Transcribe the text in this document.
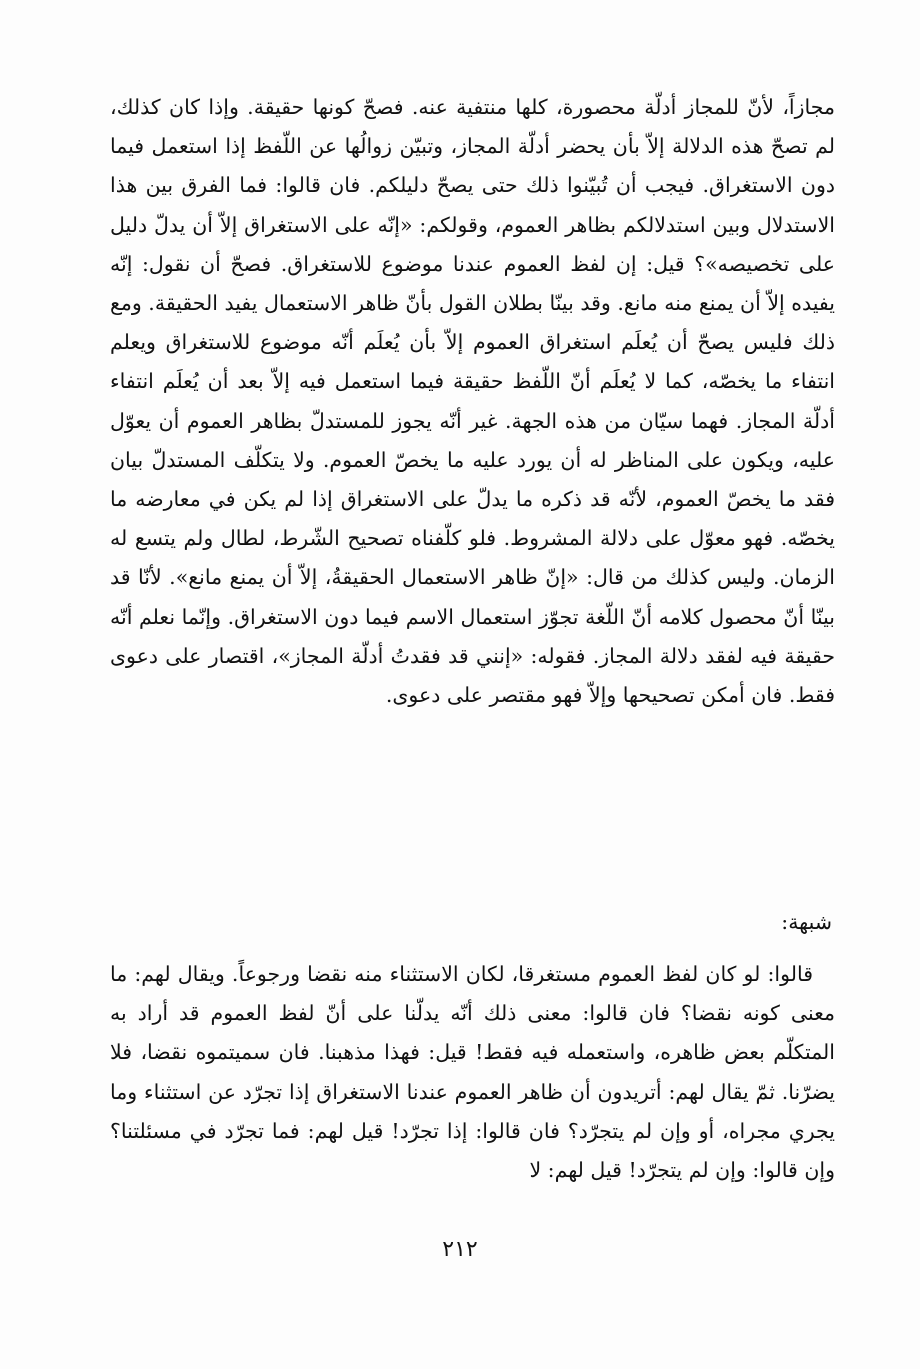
مجازاً، لأنّ للمجاز أدلّة محصورة، كلها منتفية عنه. فصحّ كونها حقيقة. وإذا كان كذلك، لم تصحّ هذه الدلالة إلاّ بأن يحضر أدلّة المجاز، وتبيّن زوالُها عن اللّفظ إذا استعمل فيما دون الاستغراق. فيجب أن تُبيّنوا ذلك حتى يصحّ دليلكم. فان قالوا: فما الفرق بين هذا الاستدلال وبين استدلالكم بظاهر العموم، وقولكم: «إنّه على الاستغراق إلاّ أن يدلّ دليل على تخصيصه»؟ قيل: إن لفظ العموم عندنا موضوع للاستغراق. فصحّ أن نقول: إنّه يفيده إلاّ أن يمنع منه مانع. وقد بينّا بطلان القول بأنّ ظاهر الاستعمال يفيد الحقيقة. ومع ذلك فليس يصحّ أن يُعلَم استغراق العموم إلاّ بأن يُعلَم أنّه موضوع للاستغراق ويعلم انتفاء ما يخصّه، كما لا يُعلَم أنّ اللّفظ حقيقة فيما استعمل فيه إلاّ بعد أن يُعلَم انتفاء أدلّة المجاز. فهما سيّان من هذه الجهة. غير أنّه يجوز للمستدلّ بظاهر العموم أن يعوّل عليه، ويكون على المناظر له أن يورد عليه ما يخصّ العموم. ولا يتكلّف المستدلّ بيان فقد ما يخصّ العموم، لأنّه قد ذكره ما يدلّ على الاستغراق إذا لم يكن في معارضه ما يخصّه. فهو معوّل على دلالة المشروط. فلو كلّفناه تصحيح الشّرط، لطال ولم يتسع له الزمان. وليس كذلك من قال: «إنّ ظاهر الاستعمال الحقيقةُ، إلاّ أن يمنع مانع». لأنّا قد بينّا أنّ محصول كلامه أنّ اللّغة تجوّز استعمال الاسم فيما دون الاستغراق. وإنّما نعلم أنّه حقيقة فيه لفقد دلالة المجاز. فقوله: «إنني قد فقدتُ أدلّة المجاز»، اقتصار على دعوى فقط. فان أمكن تصحيحها وإلاّ فهو مقتصر على دعوى.

شبهة:

قالوا: لو كان لفظ العموم مستغرقا، لكان الاستثناء منه نقضا ورجوعاً. ويقال لهم: ما معنى كونه نقضا؟ فان قالوا: معنى ذلك أنّه يدلّنا على أنّ لفظ العموم قد أراد به المتكلّم بعض ظاهره، واستعمله فيه فقط! قيل: فهذا مذهبنا. فان سميتموه نقضا، فلا يضرّنا. ثمّ يقال لهم: أتريدون أن ظاهر العموم عندنا الاستغراق إذا تجرّد عن استثناء وما يجري مجراه، أو وإن لم يتجرّد؟ فان قالوا: إذا تجرّد! قيل لهم: فما تجرّد في مسئلتنا؟ وإن قالوا: وإن لم يتجرّد! قيل لهم: لا

٢١٢
